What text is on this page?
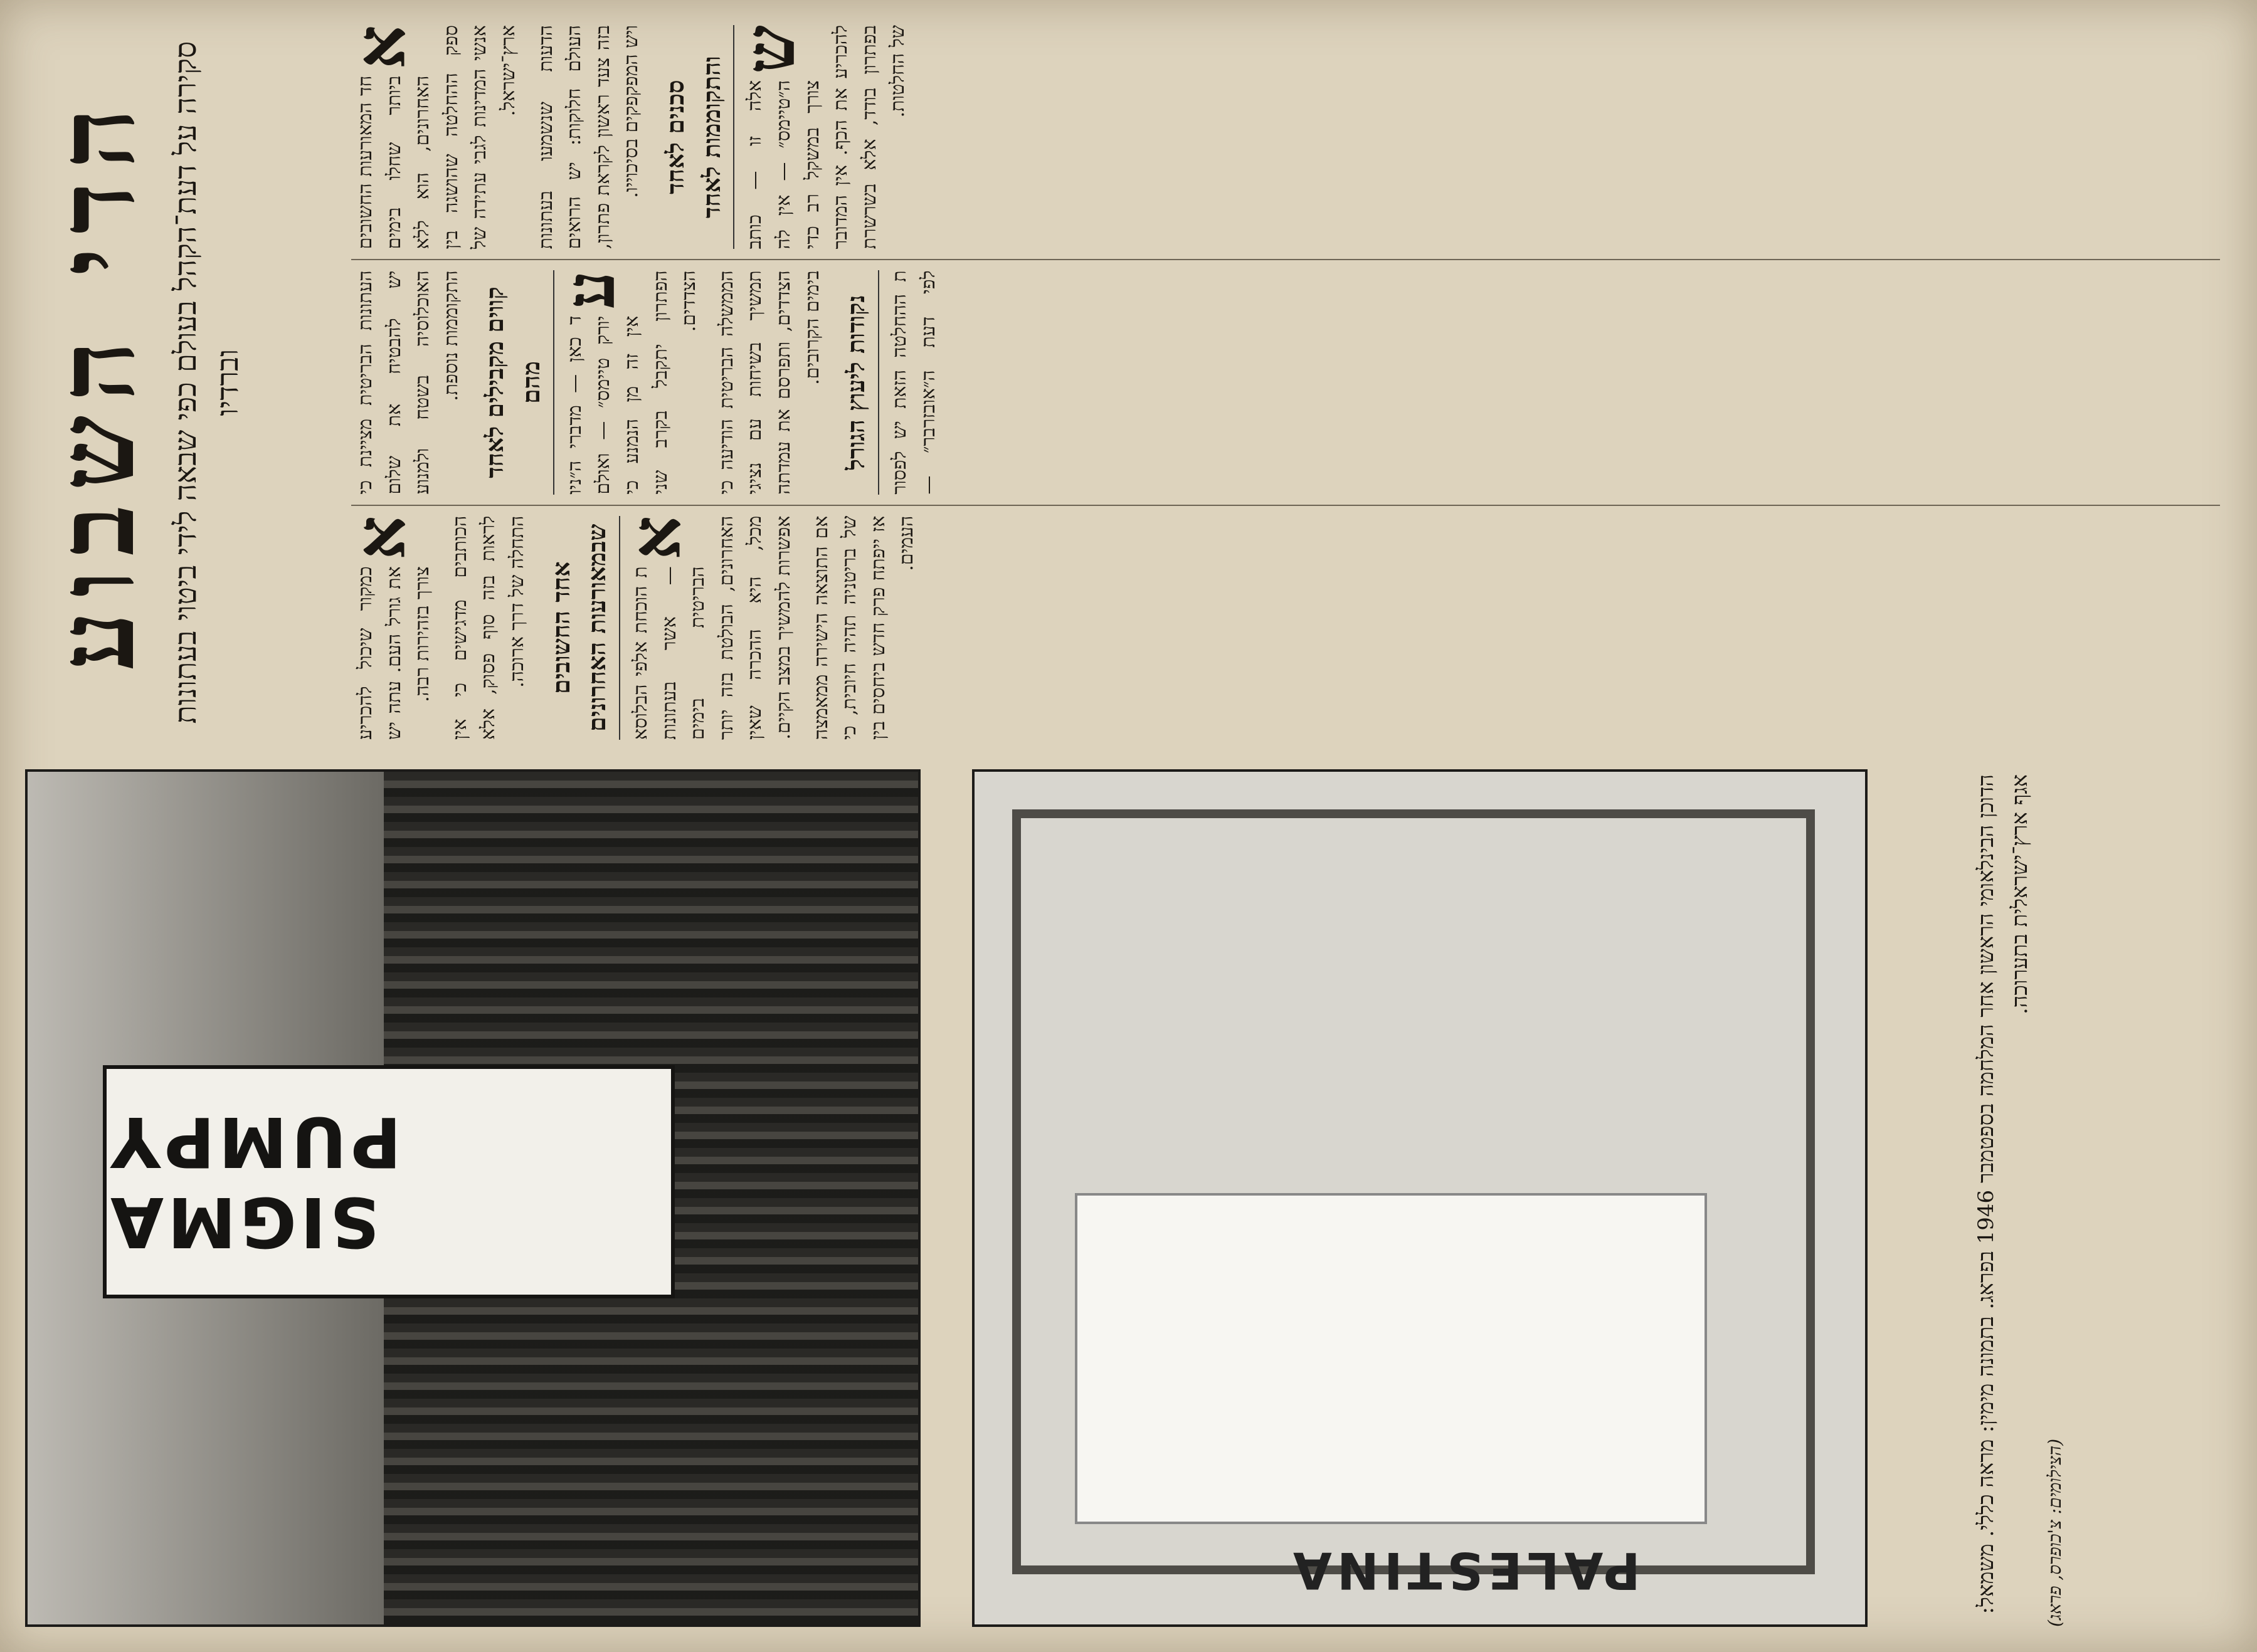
הדי השבוע סקירה על דעת־הקהל בעולם כפי שבאה לידי ביטוי בעתונות וברדיו
SIGMA PUMPY
PALESTINA	הדוכן הבינלאומי הראשון אחר המלחמה בספטמבר 1946 בפראג. בתמונה מימין: מראה כללי. משמאל: אגף ארץ־ישראלית בתערוכה.
(הצילומים: צ'כופרס, פראג)
א

חד המאורעות החשובים ביותר שחלו בימים האחרונים, הוא ללא ספק ההחלטה שהושגה בין אנשי המדינות לגבי עתידה של ארץ־ישראל. הדעות שנשמעו בעתונות העולם חלוקות: יש הרואים בזה צעד ראשון לקראת פתרון, ויש המפקפקים בסיכוייו. סכנים לאחד והתקוממות לאחד
ש

אלה זו — כותב ה״טיימס״ — אין לה צורך במשקל רב כדי להכריע את הכף. אין המדובר בפתרון בודד, אלא בשרשרת של החלטות.

העתונות הבריטית מציינת כי יש להבטיח את שלום האוכלוסיה בשטח ולמנוע התקוממות נוספת. קווים מקבילים לאחד מהם
ע

ד כאן — מדברי ה״ניו יורק טיימס״ — ואולם אין זה מן הנמנע כי הפתרון יתקבל בקרב שני הצדדים. הממשלה הבריטית הודיעה כי תמשיך בשיחות עם נציגי הצדדים, ותפרסם את עמדתה בימים הקרובים. נקודות ליעוץ הגורל
א

ת ההחלטה הזאת יש לפסור לפי דעת ה״אובזרבר״ — כמקור שיכול להכריע את גורל העם. עתה יש צורך בזהירות רבה. הכותבים מדגישים כי אין לראות בזה סוף פסוק, אלא התחלה של דרך ארוכה. אחד החשובים שבמאורעות האחרונים א

ת הוכחת אלפי הבלוסא — אשר בעתונות הבריטית בימים האחרונים, הבולטת בזה יותר מכל, היא ההכרה שאין אפשרות להמשיך במצב הקיים. אם התוצאה הישירה ממאמצה של בריטניה תהיה חיובית, כי אז ייפתח פרק חדש ביחסים בין העמים.
